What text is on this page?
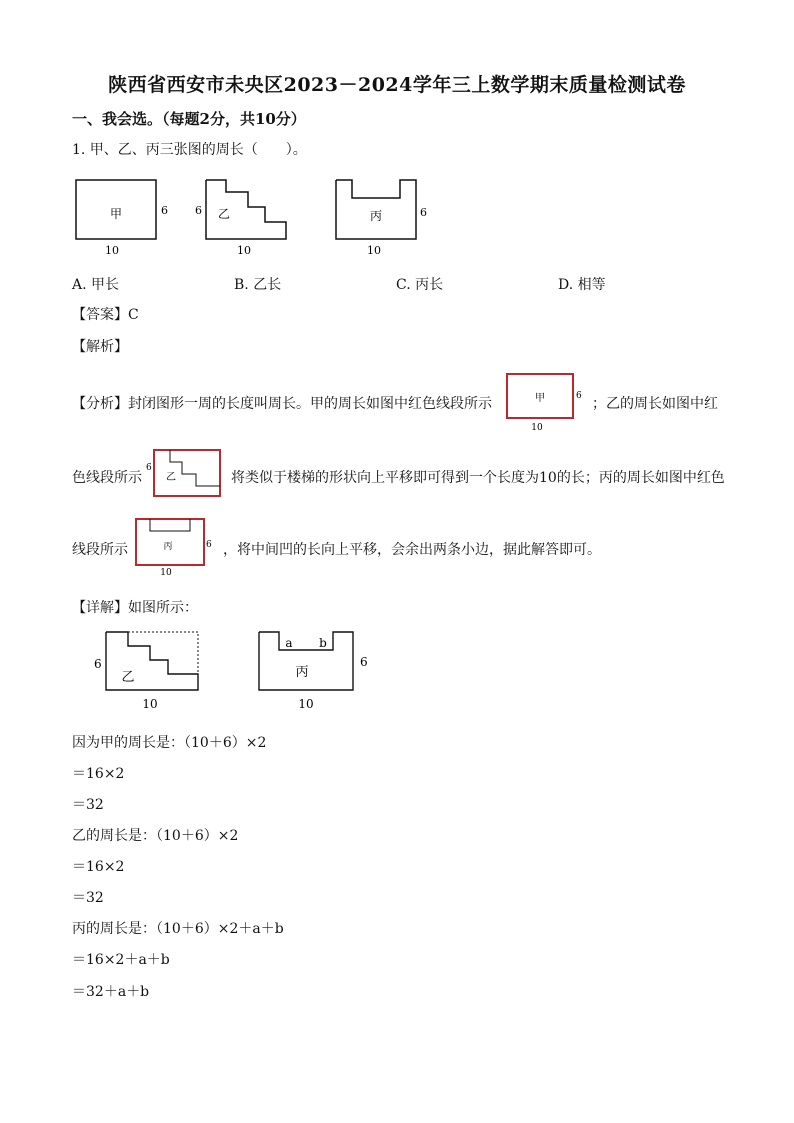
陕西省西安市未央区2023－2024学年三上数学期末质量检测试卷
一、我会选。（每题2分，共10分）
1. 甲、乙、丙三张图的周长（　　）。
甲	6
10
乙
6
10
丙	6
10
A. 甲长	B. 乙长	C. 丙长	D. 相等
【答案】C
【解析】
【分析】封闭图形一周的长度叫周长。甲的周长如图中红色线段所示	甲	6
10
；乙的周长如图中红
色线段所示
6
乙	将类似于楼梯的形状向上平移即可得到一个长度为10的长；丙的周长如图中红色
线段所示	丙	6
10
，将中间凹的长向上平移，会余出两条小边，据此解答即可。
【详解】如图所示：
6
乙
10
a b
丙
6
10
因为甲的周长是：（10＋6）×2
＝16×2
＝32
乙的周长是：（10＋6）×2
＝16×2
＝32
丙的周长是：（10＋6）×2＋a＋b
＝16×2＋a＋b
＝32＋a＋b
